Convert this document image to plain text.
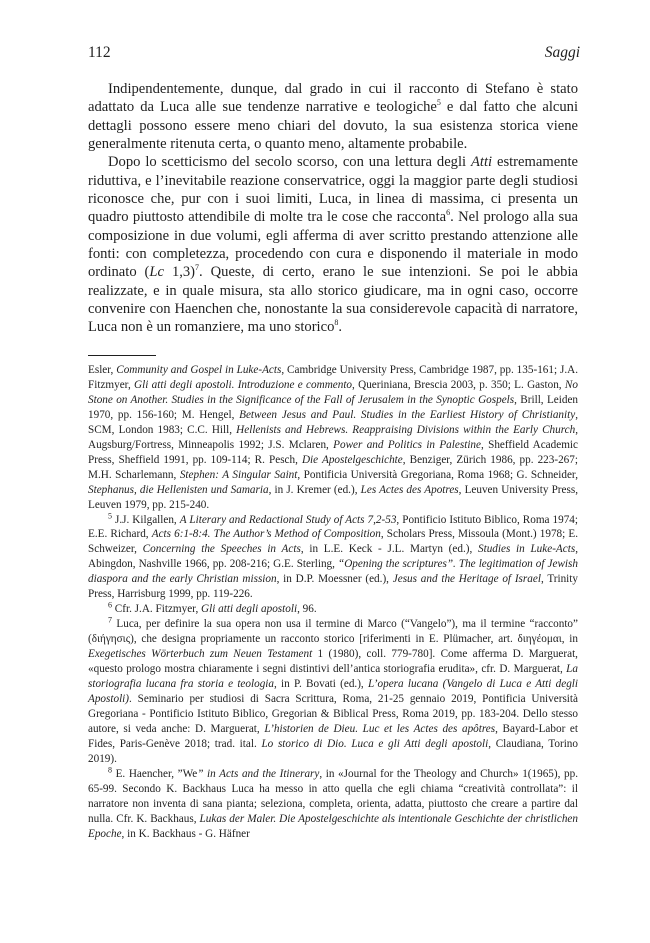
112	Saggi

Indipendentemente, dunque, dal grado in cui il racconto di Stefano è stato adattato da Luca alle sue tendenze narrative e teologiche$^5$ e dal fatto che alcuni dettagli possono essere meno chiari del dovuto, la sua esistenza storica viene generalmente ritenuta certa, o quanto meno, altamente probabile.

Dopo lo scetticismo del secolo scorso, con una lettura degli Atti estremamente riduttiva, e l’inevitabile reazione conservatrice, oggi la maggior parte degli studiosi riconosce che, pur con i suoi limiti, Luca, in linea di massima, ci presenta un quadro piuttosto attendibile di molte tra le cose che racconta$^6$. Nel prologo alla sua composizione in due volumi, egli afferma di aver scritto prestando attenzione alle fonti: con completezza, procedendo con cura e disponendo il materiale in modo ordinato (Lc 1,3)$^7$. Queste, di certo, erano le sue intenzioni. Se poi le abbia realizzate, e in quale misura, sta allo storico giudicare, ma in ogni caso, occorre convenire con Haenchen che, nonostante la sua considerevole capacità di narratore, Luca non è un romanziere, ma uno storico$^8$.

Esler, Community and Gospel in Luke-Acts, Cambridge University Press, Cambridge 1987, pp. 135-161; J.A. Fitzmyer, Gli atti degli apostoli. Introduzione e commento, Queriniana, Brescia 2003, p. 350; L. Gaston, No Stone on Another. Studies in the Significance of the Fall of Jerusalem in the Synoptic Gospels, Brill, Leiden 1970, pp. 156-160; M. Hengel, Between Jesus and Paul. Studies in the Earliest History of Christianity, SCM, London 1983; C.C. Hill, Hellenists and Hebrews. Reappraising Divisions within the Early Church, Augsburg/Fortress, Minneapolis 1992; J.S. Mclaren, Power and Politics in Palestine, Sheffield Academic Press, Sheffield 1991, pp. 109-114; R. Pesch, Die Apostelgeschichte, Benziger, Zürich 1986, pp. 223-267; M.H. Scharlemann, Stephen: A Singular Saint, Pontificia Università Gregoriana, Roma 1968; G. Schneider, Stephanus, die Hellenisten und Samaria, in J. Kremer (ed.), Les Actes des Apotres, Leuven University Press, Leuven 1979, pp. 215-240.

$^5$ J.J. Kilgallen, A Literary and Redactional Study of Acts 7,2-53, Pontificio Istituto Biblico, Roma 1974; E.E. Richard, Acts 6:1-8:4. The Author’s Method of Composition, Scholars Press, Missoula (Mont.) 1978; E. Schweizer, Concerning the Speeches in Acts, in L.E. Keck - J.L. Martyn (ed.), Studies in Luke-Acts, Abingdon, Nashville 1966, pp. 208-216; G.E. Sterling, “Opening the scriptures”. The legitimation of Jewish diaspora and the early Christian mission, in D.P. Moessner (ed.), Jesus and the Heritage of Israel, Trinity Press, Harrisburg 1999, pp. 119-226.

$^6$ Cfr. J.A. Fitzmyer, Gli atti degli apostoli, 96.

$^7$ Luca, per definire la sua opera non usa il termine di Marco (“Vangelo”), ma il termine “racconto” (διήγησις), che designa propriamente un racconto storico [riferimenti in E. Plümacher, art. διηγέομαι, in Exegetisches Wörterbuch zum Neuen Testament 1 (1980), coll. 779-780]. Come afferma D. Marguerat, «questo prologo mostra chiaramente i segni distintivi dell’antica storiografia erudita», cfr. D. Marguerat, La storiografia lucana fra storia e teologia, in P. Bovati (ed.), L’opera lucana (Vangelo di Luca e Atti degli Apostoli). Seminario per studiosi di Sacra Scrittura, Roma, 21-25 gennaio 2019, Pontificia Università Gregoriana - Pontificio Istituto Biblico, Gregorian & Biblical Press, Roma 2019, pp. 183-204. Dello stesso autore, si veda anche: D. Marguerat, L’historien de Dieu. Luc et les Actes des apôtres, Bayard-Labor et Fides, Paris-Genève 2018; trad. ital. Lo storico di Dio. Luca e gli Atti degli apostoli, Claudiana, Torino 2019).

$^8$ E. Haencher, ”We” in Acts and the Itinerary, in «Journal for the Theology and Church» 1(1965), pp. 65-99. Secondo K. Backhaus Luca ha messo in atto quella che egli chiama “creatività controllata”: il narratore non inventa di sana pianta; seleziona, completa, orienta, adatta, piuttosto che creare a partire dal nulla. Cfr. K. Backhaus, Lukas der Maler. Die Apostelgeschichte als intentionale Geschichte der christlichen Epoche, in K. Backhaus - G. Häfner
